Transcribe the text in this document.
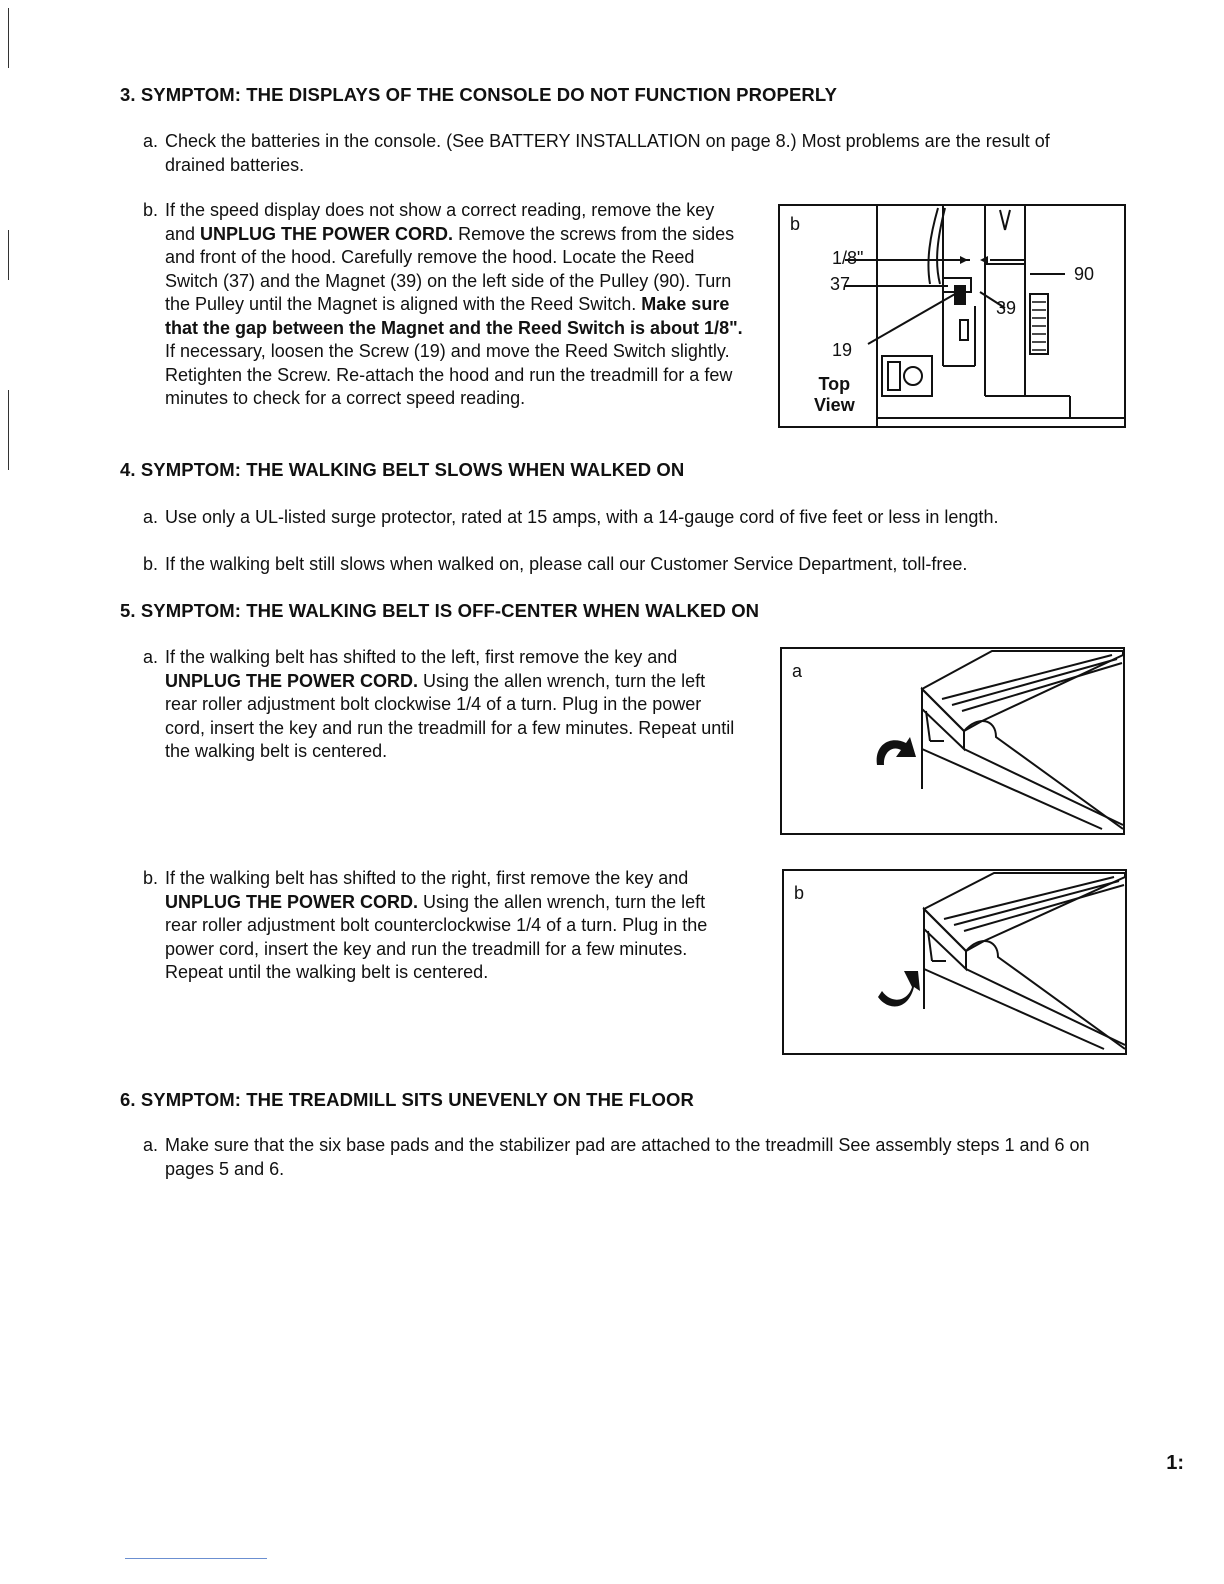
3. SYMPTOM: THE DISPLAYS OF THE CONSOLE DO NOT FUNCTION PROPERLY
a. Check the batteries in the console. (See BATTERY INSTALLATION on page 8.) Most problems are the result of drained batteries.
b. If the speed display does not show a correct reading, remove the key and UNPLUG THE POWER CORD. Remove the screws from the sides and front of the hood. Carefully remove the hood. Locate the Reed Switch (37) and the Magnet (39) on the left side of the Pulley (90). Turn the Pulley until the Magnet is aligned with the Reed Switch. Make sure that the gap between the Magnet and the Reed Switch is about 1/8". If necessary, loosen the Screw (19) and move the Reed Switch slightly. Retighten the Screw. Re-attach the hood and run the treadmill for a few minutes to check for a correct speed reading.
b
1/8"
37
39
90
19
Top
View
4. SYMPTOM: THE WALKING BELT SLOWS WHEN WALKED ON
a. Use only a UL-listed surge protector, rated at 15 amps, with a 14-gauge cord of five feet or less in length.
b. If the walking belt still slows when walked on, please call our Customer Service Department, toll-free.
5. SYMPTOM: THE WALKING BELT IS OFF-CENTER WHEN WALKED ON
a. If the walking belt has shifted to the left, first remove the key and UNPLUG THE POWER CORD. Using the allen wrench, turn the left rear roller adjustment bolt clockwise 1/4 of a turn. Plug in the power cord, insert the key and run the treadmill for a few minutes. Repeat until the walking belt is centered.
a
b. If the walking belt has shifted to the right, first remove the key and UNPLUG THE POWER CORD. Using the allen wrench, turn the left rear roller adjustment bolt counterclockwise 1/4 of a turn. Plug in the power cord, insert the key and run the treadmill for a few minutes. Repeat until the walking belt is centered.
b
6. SYMPTOM: THE TREADMILL SITS UNEVENLY ON THE FLOOR
a. Make sure that the six base pads and the stabilizer pad are attached to the treadmill See assembly steps 1 and 6 on pages 5 and 6.
1:
